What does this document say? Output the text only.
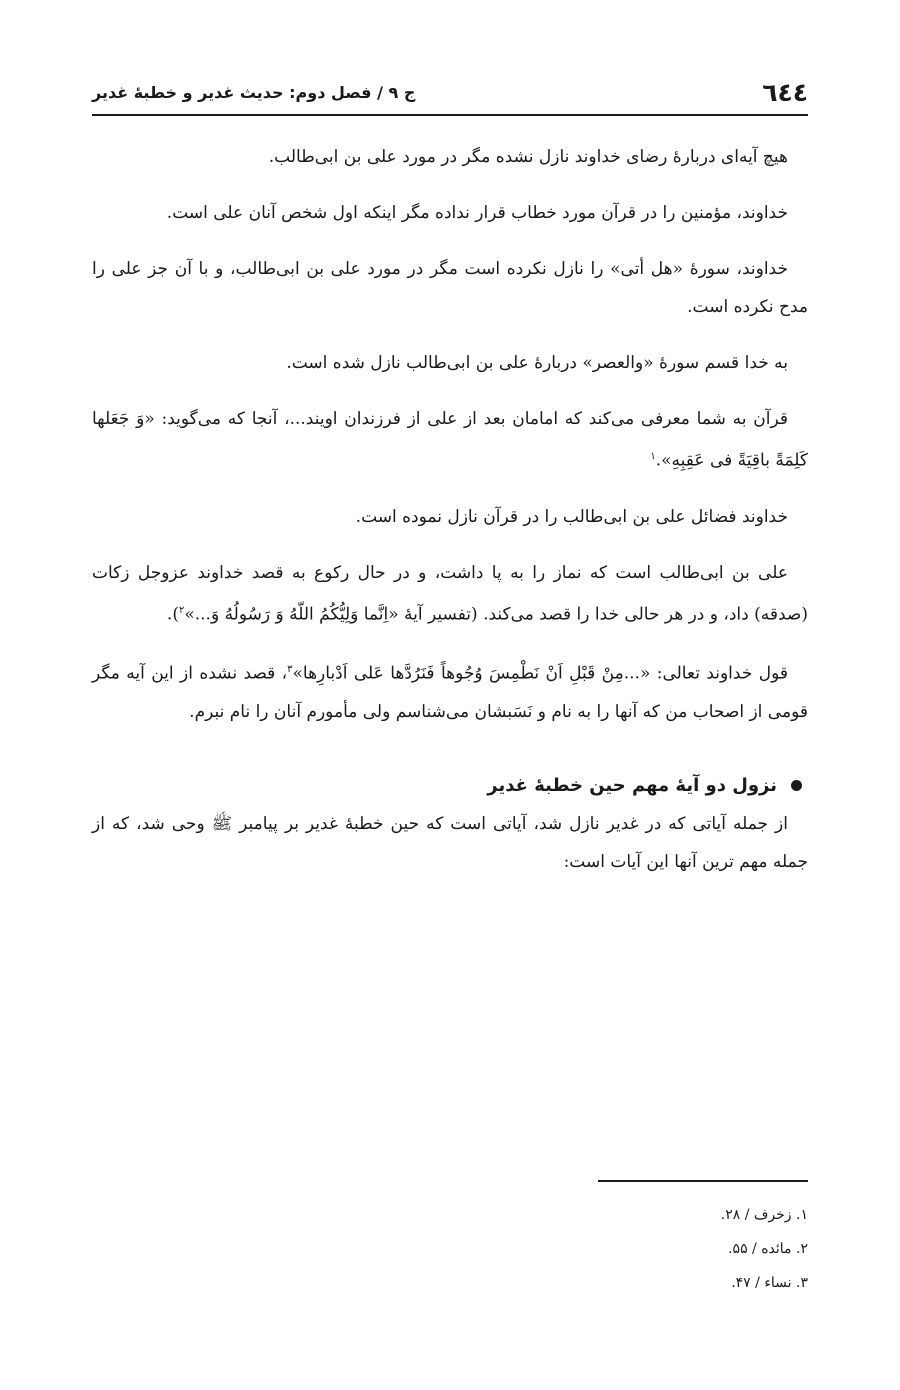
٦٤٤
ج ۹ / فصل دوم: حدیث غدیر و خطبهٔ غدیر

هیچ آیه‌ای دربارهٔ رضای خداوند نازل نشده مگر در مورد علی بن ابی‌طالب.

خداوند، مؤمنین را در قرآن مورد خطاب قرار نداده مگر اینکه اول شخص آنان علی است.

خداوند، سورهٔ «هل أتی» را نازل نکرده است مگر در مورد علی بن ابی‌طالب، و با آن جز علی را مدح نکرده است.

به خدا قسم سورهٔ «والعصر» دربارهٔ علی بن ابی‌طالب نازل شده است.

قرآن به شما معرفی می‌کند که امامان بعد از علی از فرزندان اویند...، آنجا که می‌گوید: «وَ جَعَلها كَلِمَةً باقِيَةً فی عَقِبِهِ».$^۱$

خداوند فضائل علی بن ابی‌طالب را در قرآن نازل نموده است.

علی بن ابی‌طالب است که نماز را به پا داشت، و در حال رکوع به قصد خداوند عزوجل زکات (صدقه) داد، و در هر حالی خدا را قصد می‌کند. (تفسیر آیهٔ «اِنَّما وَلِيُّكُمُ اللّهُ وَ رَسُولُهُ وَ...»$^۲$).

قول خداوند تعالی: «...مِنْ قَبْلِ اَنْ نَطْمِسَ وُجُوهاً فَنَرُدَّها عَلی اَدْبارِها»$^۳$، قصد نشده از این آیه مگر قومی از اصحاب من که آنها را به نام و نَسَبشان می‌شناسم ولی مأمورم آنان را نام نبرم.

نزول دو آیهٔ مهم حین خطبهٔ غدیر

از جمله آیاتی که در غدیر نازل شد، آیاتی است که حین خطبهٔ غدیر بر پیامبر ﷺ وحی شد، که از جمله مهم ترین آنها این آیات است:

۱. زخرف / ۲۸.
۲. مائده / ۵۵.
۳. نساء / ۴۷.
